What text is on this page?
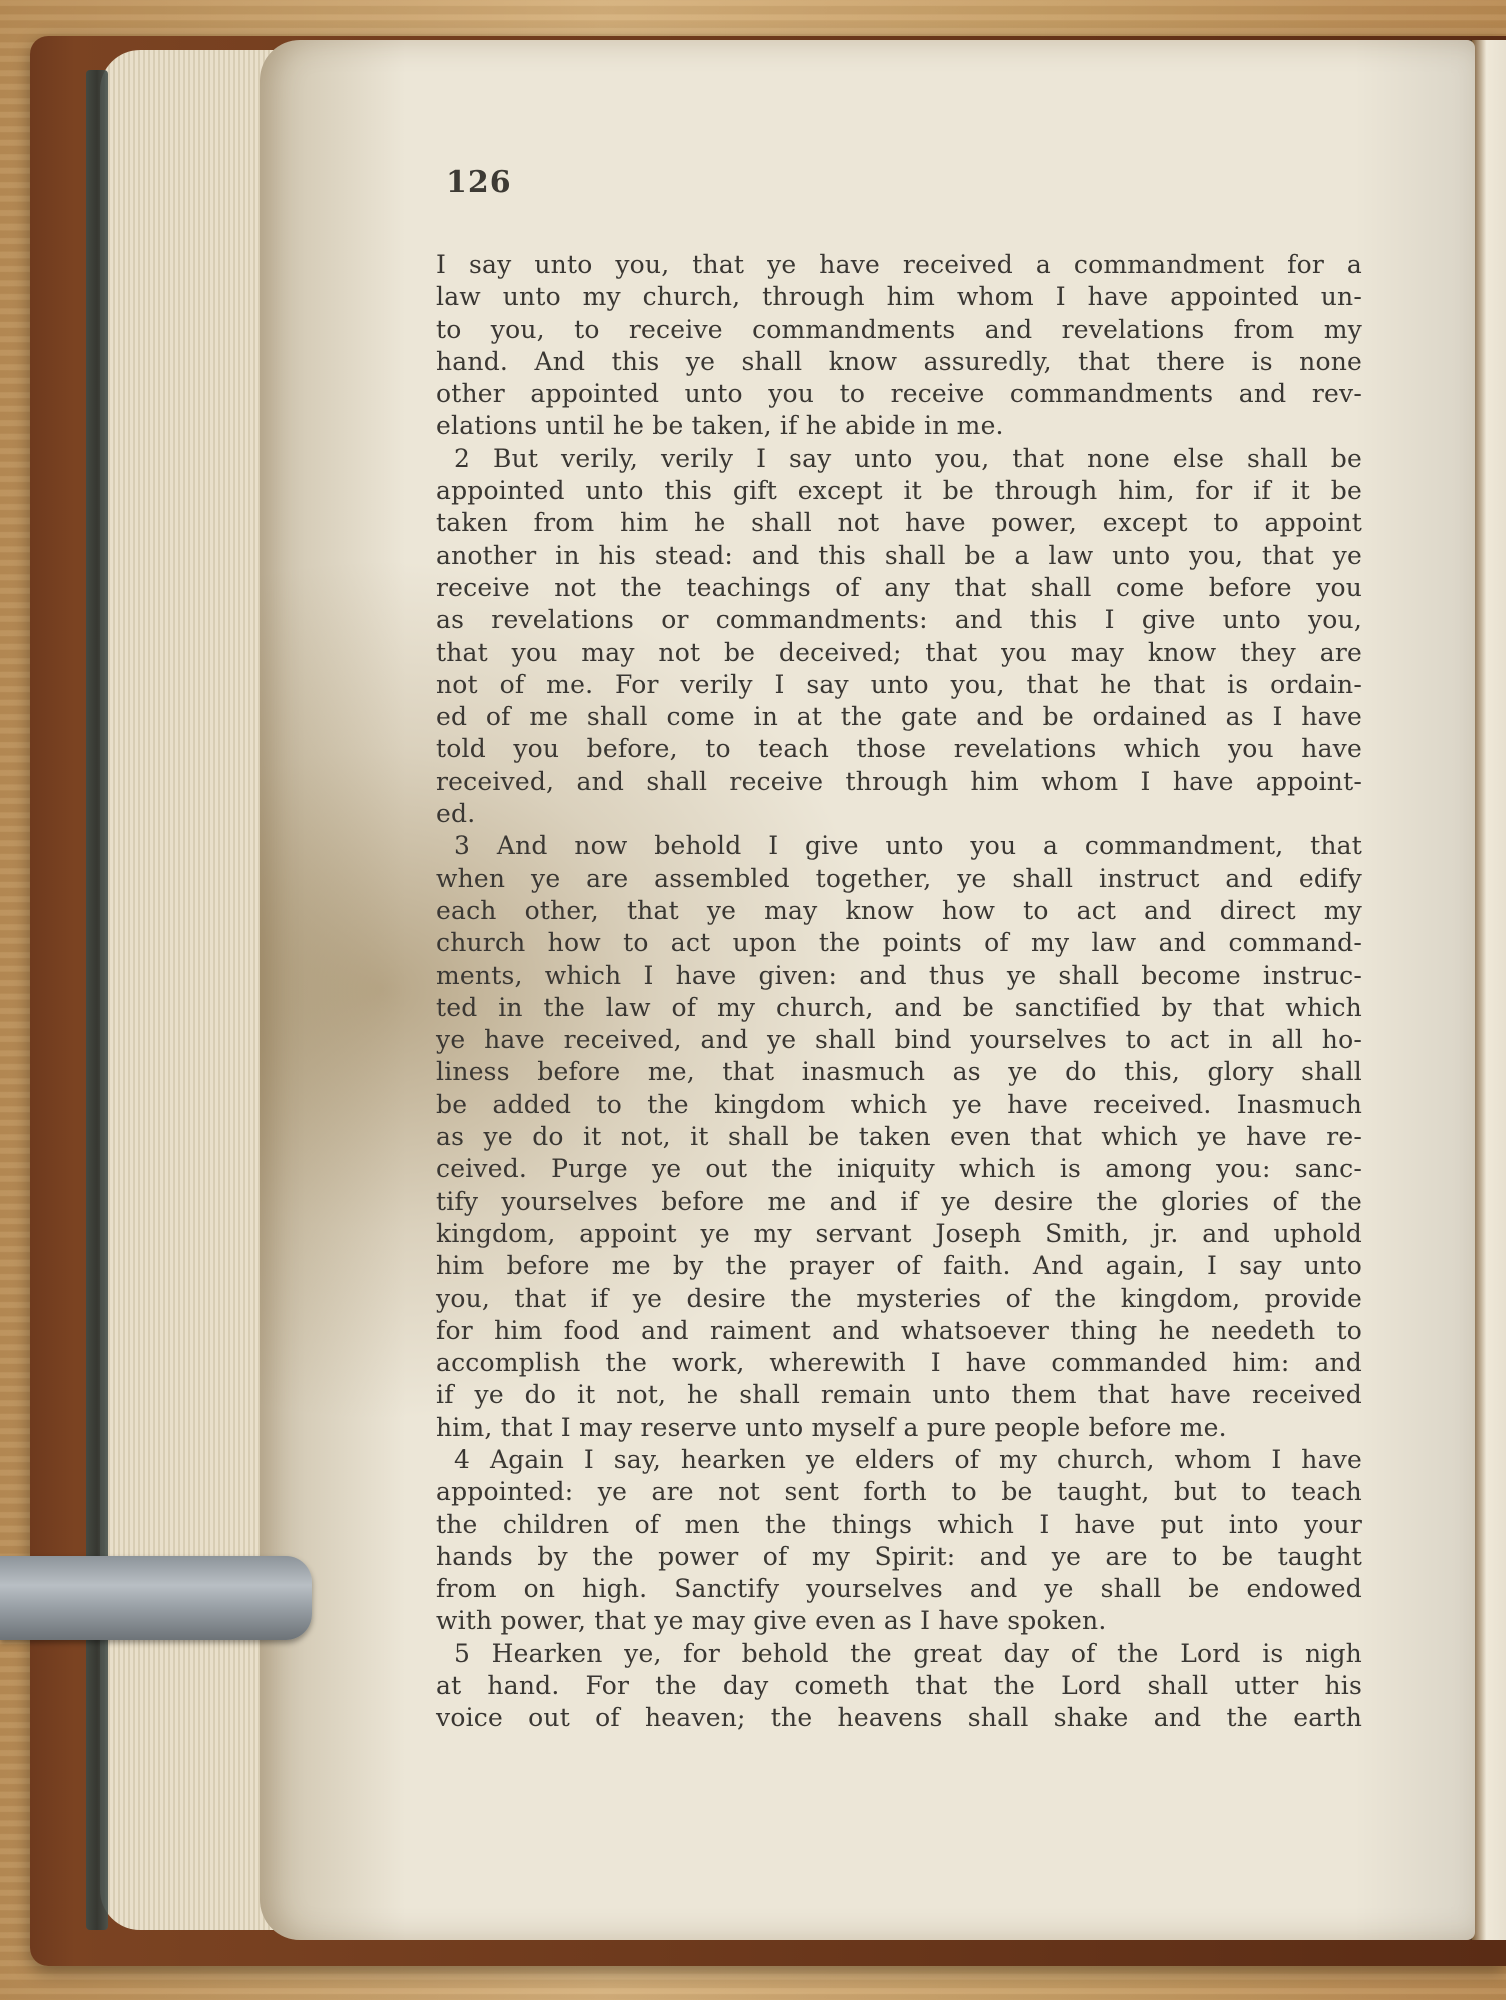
126
I say unto you, that ye have received a commandment for a
law unto my church, through him whom I have appointed un-
to you, to receive commandments and revelations from my
hand. And this ye shall know assuredly, that there is none
other appointed unto you to receive commandments and rev-
elations until he be taken, if he abide in me.
2 But verily, verily I say unto you, that none else shall be
appointed unto this gift except it be through him, for if it be
taken from him he shall not have power, except to appoint
another in his stead: and this shall be a law unto you, that ye
receive not the teachings of any that shall come before you
as revelations or commandments: and this I give unto you,
that you may not be deceived; that you may know they are
not of me. For verily I say unto you, that he that is ordain-
ed of me shall come in at the gate and be ordained as I have
told you before, to teach those revelations which you have
received, and shall receive through him whom I have appoint-
ed.
3 And now behold I give unto you a commandment, that
when ye are assembled together, ye shall instruct and edify
each other, that ye may know how to act and direct my
church how to act upon the points of my law and command-
ments, which I have given: and thus ye shall become instruc-
ted in the law of my church, and be sanctified by that which
ye have received, and ye shall bind yourselves to act in all ho-
liness before me, that inasmuch as ye do this, glory shall
be added to the kingdom which ye have received. Inasmuch
as ye do it not, it shall be taken even that which ye have re-
ceived. Purge ye out the iniquity which is among you: sanc-
tify yourselves before me and if ye desire the glories of the
kingdom, appoint ye my servant Joseph Smith, jr. and uphold
him before me by the prayer of faith. And again, I say unto
you, that if ye desire the mysteries of the kingdom, provide
for him food and raiment and whatsoever thing he needeth to
accomplish the work, wherewith I have commanded him: and
if ye do it not, he shall remain unto them that have received
him, that I may reserve unto myself a pure people before me.
4 Again I say, hearken ye elders of my church, whom I have
appointed: ye are not sent forth to be taught, but to teach
the children of men the things which I have put into your
hands by the power of my Spirit: and ye are to be taught
from on high. Sanctify yourselves and ye shall be endowed
with power, that ye may give even as I have spoken.
5 Hearken ye, for behold the great day of the Lord is nigh
at hand. For the day cometh that the Lord shall utter his
voice out of heaven; the heavens shall shake and the earth
